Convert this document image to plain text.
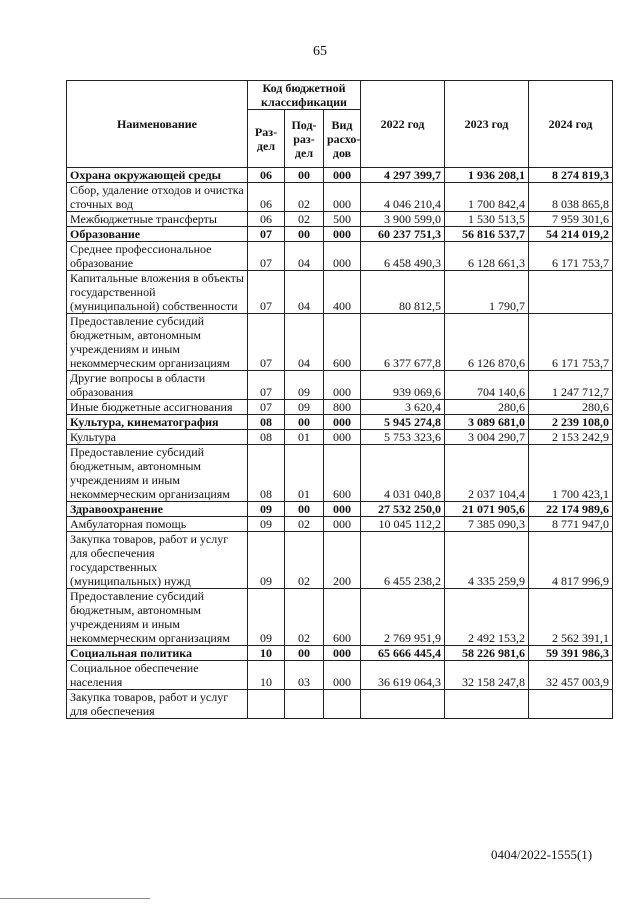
65
Наименование	Код бюджетной классификации			2022 год	2023 год	2024 год
	Раз-дел	Под-раз-дел	Вид расхо-дов			
Охрана окружающей среды	06	00	000	4 297 399,7	1 936 208,1	8 274 819,3
Сбор, удаление отходов и очистка сточных вод	06	02	000	4 046 210,4	1 700 842,4	8 038 865,8
Межбюджетные трансферты	06	02	500	3 900 599,0	1 530 513,5	7 959 301,6
Образование	07	00	000	60 237 751,3	56 816 537,7	54 214 019,2
Среднее профессиональное образование	07	04	000	6 458 490,3	6 128 661,3	6 171 753,7
Капитальные вложения в объекты государственной (муниципальной) собственности	07	04	400	80 812,5	1 790,7	
Предоставление субсидий бюджетным, автономным учреждениям и иным некоммерческим организациям	07	04	600	6 377 677,8	6 126 870,6	6 171 753,7
Другие вопросы в области образования	07	09	000	939 069,6	704 140,6	1 247 712,7
Иные бюджетные ассигнования	07	09	800	3 620,4	280,6	280,6
Культура, кинематография	08	00	000	5 945 274,8	3 089 681,0	2 239 108,0
Культура	08	01	000	5 753 323,6	3 004 290,7	2 153 242,9
Предоставление субсидий бюджетным, автономным учреждениям и иным некоммерческим организациям	08	01	600	4 031 040,8	2 037 104,4	1 700 423,1
Здравоохранение	09	00	000	27 532 250,0	21 071 905,6	22 174 989,6
Амбулаторная помощь	09	02	000	10 045 112,2	7 385 090,3	8 771 947,0
Закупка товаров, работ и услуг для обеспечения государственных (муниципальных) нужд	09	02	200	6 455 238,2	4 335 259,9	4 817 996,9
Предоставление субсидий бюджетным, автономным учреждениям и иным некоммерческим организациям	09	02	600	2 769 951,9	2 492 153,2	2 562 391,1
Социальная политика	10	00	000	65 666 445,4	58 226 981,6	59 391 986,3
Социальное обеспечение населения	10	03	000	36 619 064,3	32 158 247,8	32 457 003,9
Закупка товаров, работ и услуг для обеспечения						
0404/2022-1555(1)
